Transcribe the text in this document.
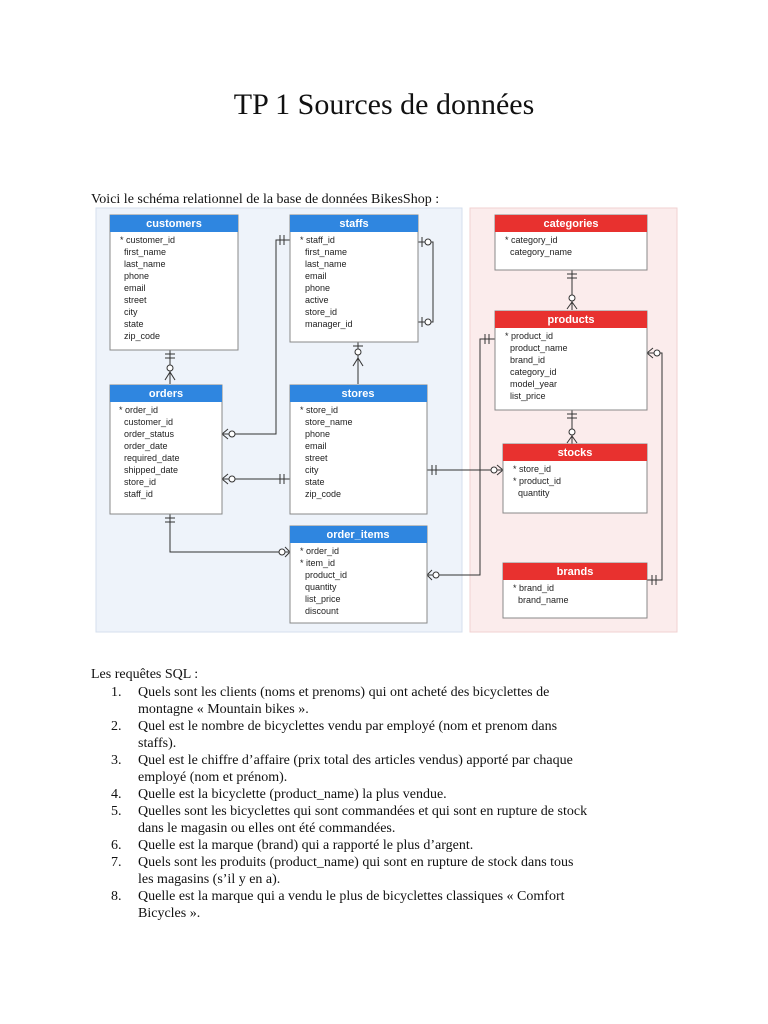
TP 1 Sources de données
Voici le schéma relationnel de la base de données BikesShop :
customers
* customer_id
first_name
last_name
phone
email
street
city
state
zip_code
staffs
* staff_id
first_name
last_name
email
phone
active
store_id
manager_id
categories
* category_id
category_name
products
* product_id
product_name
brand_id
category_id
model_year
list_price
orders
* order_id
customer_id
order_status
order_date
required_date
shipped_date
store_id
staff_id
stores
* store_id
store_name
phone
email
street
city
state
zip_code
stocks
* store_id
* product_id
quantity
order_items
* order_id
* item_id
product_id
quantity
list_price
discount
brands
* brand_id
brand_name
Les requêtes SQL :
1. Quels sont les clients (noms et prenoms) qui ont acheté des bicyclettes de
montagne « Mountain bikes ».
2. Quel est le nombre de bicyclettes vendu par employé (nom et prenom dans
staffs).
3. Quel est le chiffre d’affaire (prix total des articles vendus) apporté par chaque
employé (nom et prénom).
4. Quelle est la bicyclette (product_name) la plus vendue.
5. Quelles sont les bicyclettes qui sont commandées et qui sont en rupture de stock
dans le magasin ou elles ont été commandées.
6. Quelle est la marque (brand) qui a rapporté le plus d’argent.
7. Quels sont les produits (product_name) qui sont en rupture de stock dans tous
les magasins (s’il y en a).
8. Quelle est la marque qui a vendu le plus de bicyclettes classiques « Comfort
Bicycles ».
